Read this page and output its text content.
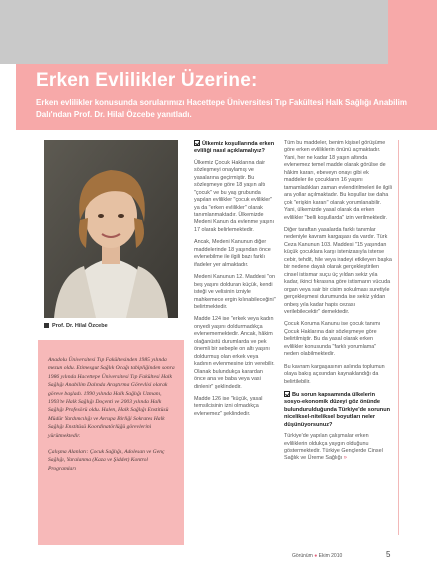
Erken Evlilikler Üzerine:
Erken evlilikler konusunda sorularımızı Hacettepe Üniversitesi Tıp Fakültesi Halk Sağlığı Anabilim Dalı'ndan Prof. Dr. Hilal Özcebe yanıtladı.
Prof. Dr. Hilal Özcebe

Anadolu Üniversitesi Tıp Fakültesinden 1985 yılında mezun oldu. Etimesgut Sağlık Ocağı tabipliğinden sonra 1986 yılında Hacettepe Üniversitesi Tıp Fakültesi Halk Sağlığı Anabilim Dalında Araştırma Görevlisi olarak göreve başladı. 1990 yılında Halk Sağlığı Uzmanı, 1993'te Halk Sağlığı Doçenti ve 2003 yılında Halk Sağlığı Profesörü oldu. Halen, Halk Sağlığı Enstitüsü Müdür Yardımcılığı ve Avrupa Birliği Sokrates Halk Sağlığı Enstitüsü Koordinatörlüğü görevlerini yürütmektedir.

Çalışma Alanları: Çocuk Sağlığı, Adolesan ve Genç Sağlığı, Yaralanma (Kaza ve Şiddet) Kontrol Programları

Ülkemiz koşullarında erken evliliği nasıl açıklamalıyız?

Ülkemiz Çocuk Haklarına dair sözleşmeyi onaylamış ve yasalarına geçirmiştir. Bu sözleşmeye göre 18 yaşın altı "çocuk" ve bu yaş grubunda yapılan evlilikler "çocuk evlilikler" ya da "erken evlilikler" olarak tanımlanmaktadır. Ülkemizde Medeni Kanun da evlenme yaşını 17 olarak belirlemektedir.

Ancak, Medeni Kanunun diğer maddelerinde 18 yaşından önce evlenebilme ile ilgili bazı farklı ifadeler yer almaktadır.

Medeni Kanunun 12. Maddesi "on beş yaşını dolduran küçük, kendi isteği ve velisinin izniyle mahkemece ergin kılınabileceğini" belirtmektedir.

Madde 124 ise "erkek veya kadın onyedi yaşını doldurmadıkça evlenememektedir. Ancak, hâkim olağanüstü durumlarda ve pek önemli bir sebeple on altı yaşını doldurmuş olan erkek veya kadının evlenmesine izin verebilir. Olanak bulundukça karardan önce ana ve baba veya vasi dinlenir" şeklindedir.

Madde 126 ise "küçük, yasal temsilcisinin izni olmadıkça evlenemez" şeklindedir.

Tüm bu maddeler, benim kişisel görüşüme göre erken evliliklerin önünü açmaktadır. Yani, her ne kadar 18 yaşın altında evlenemez temel madde olarak görülse de hâkim kararı, ebeveyn onayı gibi ek maddeler ile çocukların 16 yaşını tamamladıkları zaman evlendirilmeleri ile ilgili ara yollar açılmaktadır. Bu koşullar ise daha çok "erişkin kararı" olarak yorumlanabilir. Yani, ülkemizde yasal olarak da erken evlilikler "belli koşullarda" izin verilmektedir.

Diğer taraftan yasalarda farklı tanımlar nedeniyle kavram kargaşası da vardır. Türk Ceza Kanunun 103. Maddesi "15 yaşından küçük çocuklara karşı istenizasıyla isterse cebir, tehdit, hile veya iradeyi etkileyen başka bir nedene dayalı olarak gerçekleştirilen cinsel istismar suçu üç yıldan sekiz yıla kadar, ikinci fıkrasına göre istismarın vücuda organ veya sair bir cisim sokulması suretiyle gerçekleşmesi durumunda ise sekiz yıldan onbeş yıla kadar hapis cezası verilebilecektir" demektedir.

Çocuk Koruma Kanunu ise çocuk tanımı Çocuk Haklarına dair sözleşmeye göre belirtilmiştir. Bu da yasal olarak erken evlilikler konusunda "farklı yorumlama" neden olabilmektedir.

Bu kavram kargaşasının aslında toplumun olaya bakış açısından kaynaklandığı da belirtilebilir.

Bu sorun kapsamında ülkelerin sosyo-ekonomik düzeyi göz önünde bulundurulduğunda Türkiye'de sorunun niceliksel-niteliksel boyutları neler düşünüyorsunuz?

Türkiye'de yapılan çalışmalar erken evliliklerin oldukça yaygın olduğunu göstermektedir. Türkiye Gençlerde Cinsel Sağlık ve Üreme Sağlığı »

Görünüm ● Ekim 2010	5
